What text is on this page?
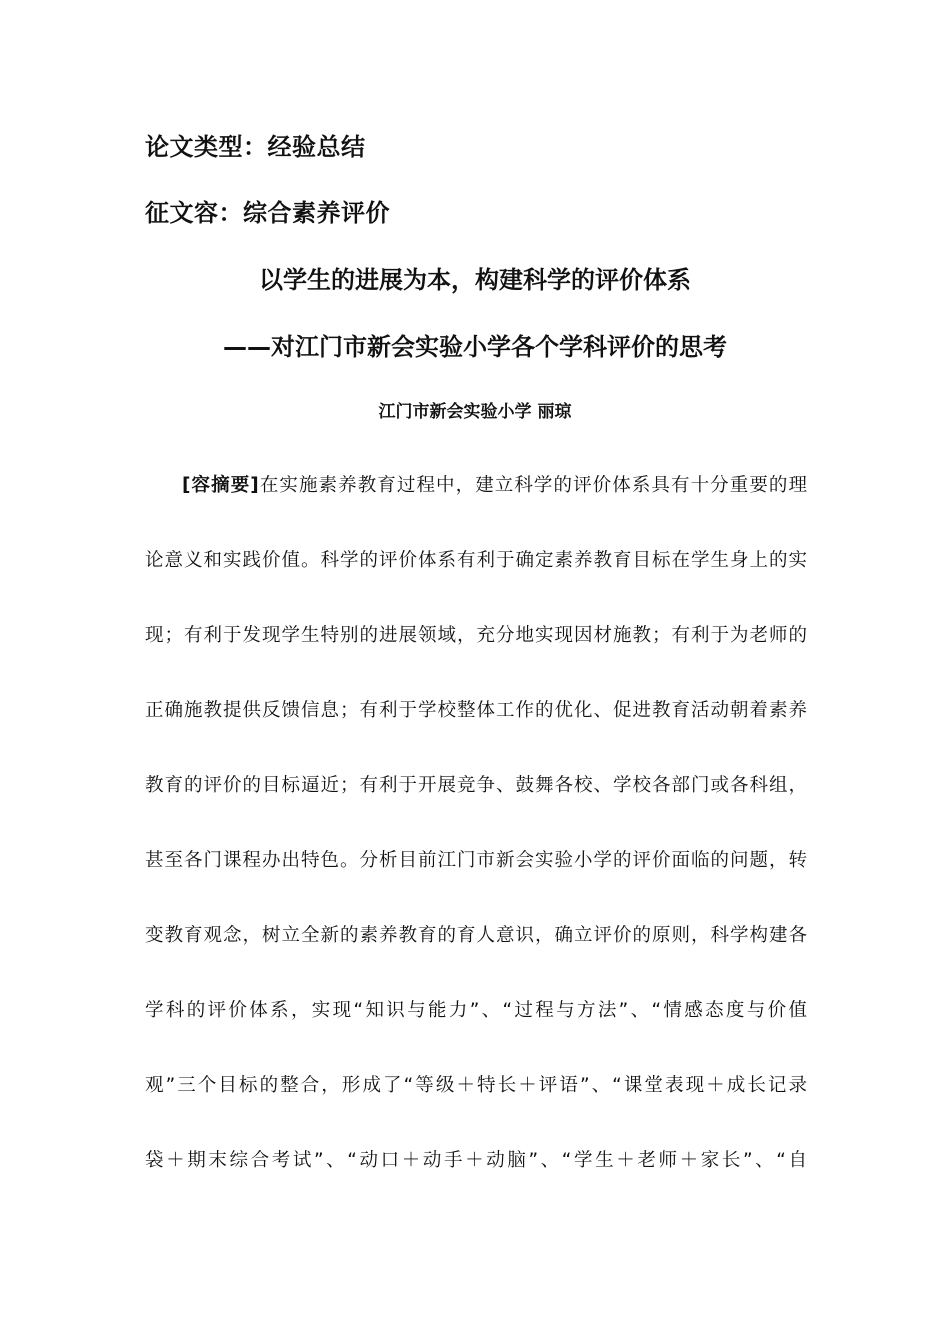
论文类型：经验总结
征文容：综合素养评价
以学生的进展为本，构建科学的评价体系
——对江门市新会实验小学各个学科评价的思考
江门市新会实验小学 丽琼
[容摘要]在实施素养教育过程中，建立科学的评价体系具有十分重要的理
论意义和实践价值。科学的评价体系有利于确定素养教育目标在学生身上的实
现；有利于发现学生特别的进展领域，充分地实现因材施教；有利于为老师的
正确施教提供反馈信息；有利于学校整体工作的优化、促进教育活动朝着素养
教育的评价的目标逼近；有利于开展竞争、鼓舞各校、学校各部门或各科组，
甚至各门课程办出特色。分析目前江门市新会实验小学的评价面临的问题，转
变教育观念，树立全新的素养教育的育人意识，确立评价的原则，科学构建各
学科的评价体系，实现“知识与能力”、“过程与方法”、“情感态度与价值
观”三个目标的整合，形成了“等级＋特长＋评语”、“课堂表现＋成长记录
袋＋期末综合考试”、“动口＋动手＋动脑”、“学生＋老师＋家长”、“自
